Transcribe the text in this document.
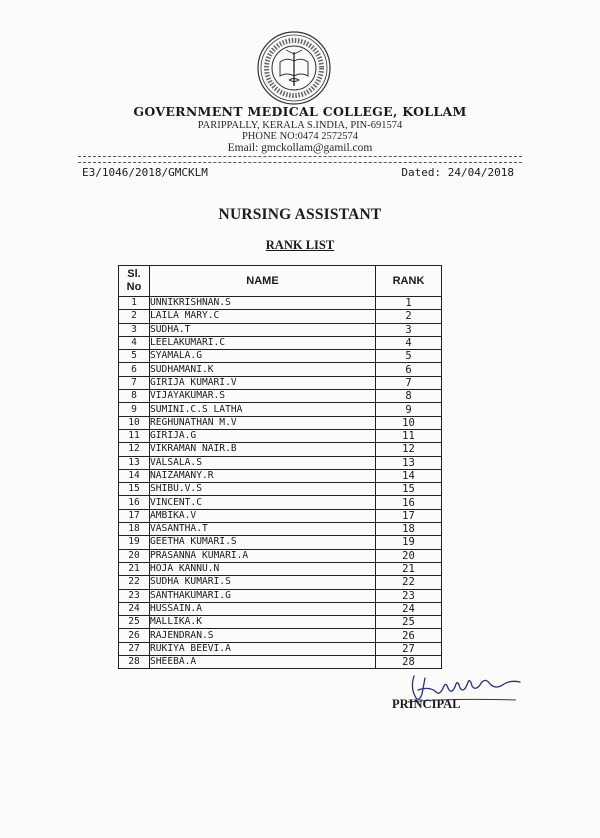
GOVERNMENT MEDICAL COLLEGE, KOLLAM
PARIPPALLY, KERALA S.INDIA, PIN-691574
PHONE NO:0474 2572574
Email: gmckollam@gamil.com
E3/1046/2018/GMCKLM	Dated: 24/04/2018
NURSING ASSISTANT
RANK LIST
Sl.
No	NAME	RANK
1	UNNIKRISHNAN.S	1
2	LAILA MARY.C	2
3	SUDHA.T	3
4	LEELAKUMARI.C	4
5	SYAMALA.G	5
6	SUDHAMANI.K	6
7	GIRIJA KUMARI.V	7
8	VIJAYAKUMAR.S	8
9	SUMINI.C.S LATHA	9
10	REGHUNATHAN M.V	10
11	GIRIJA.G	11
12	VIKRAMAN NAIR.B	12
13	VALSALA.S	13
14	NAIZAMANY.R	14
15	SHIBU.V.S	15
16	VINCENT.C	16
17	AMBIKA.V	17
18	VASANTHA.T	18
19	GEETHA KUMARI.S	19
20	PRASANNA KUMARI.A	20
21	HOJA KANNU.N	21
22	SUDHA KUMARI.S	22
23	SANTHAKUMARI.G	23
24	HUSSAIN.A	24
25	MALLIKA.K	25
26	RAJENDRAN.S	26
27	RUKIYA BEEVI.A	27
28	SHEEBA.A	28
PRINCIPAL
